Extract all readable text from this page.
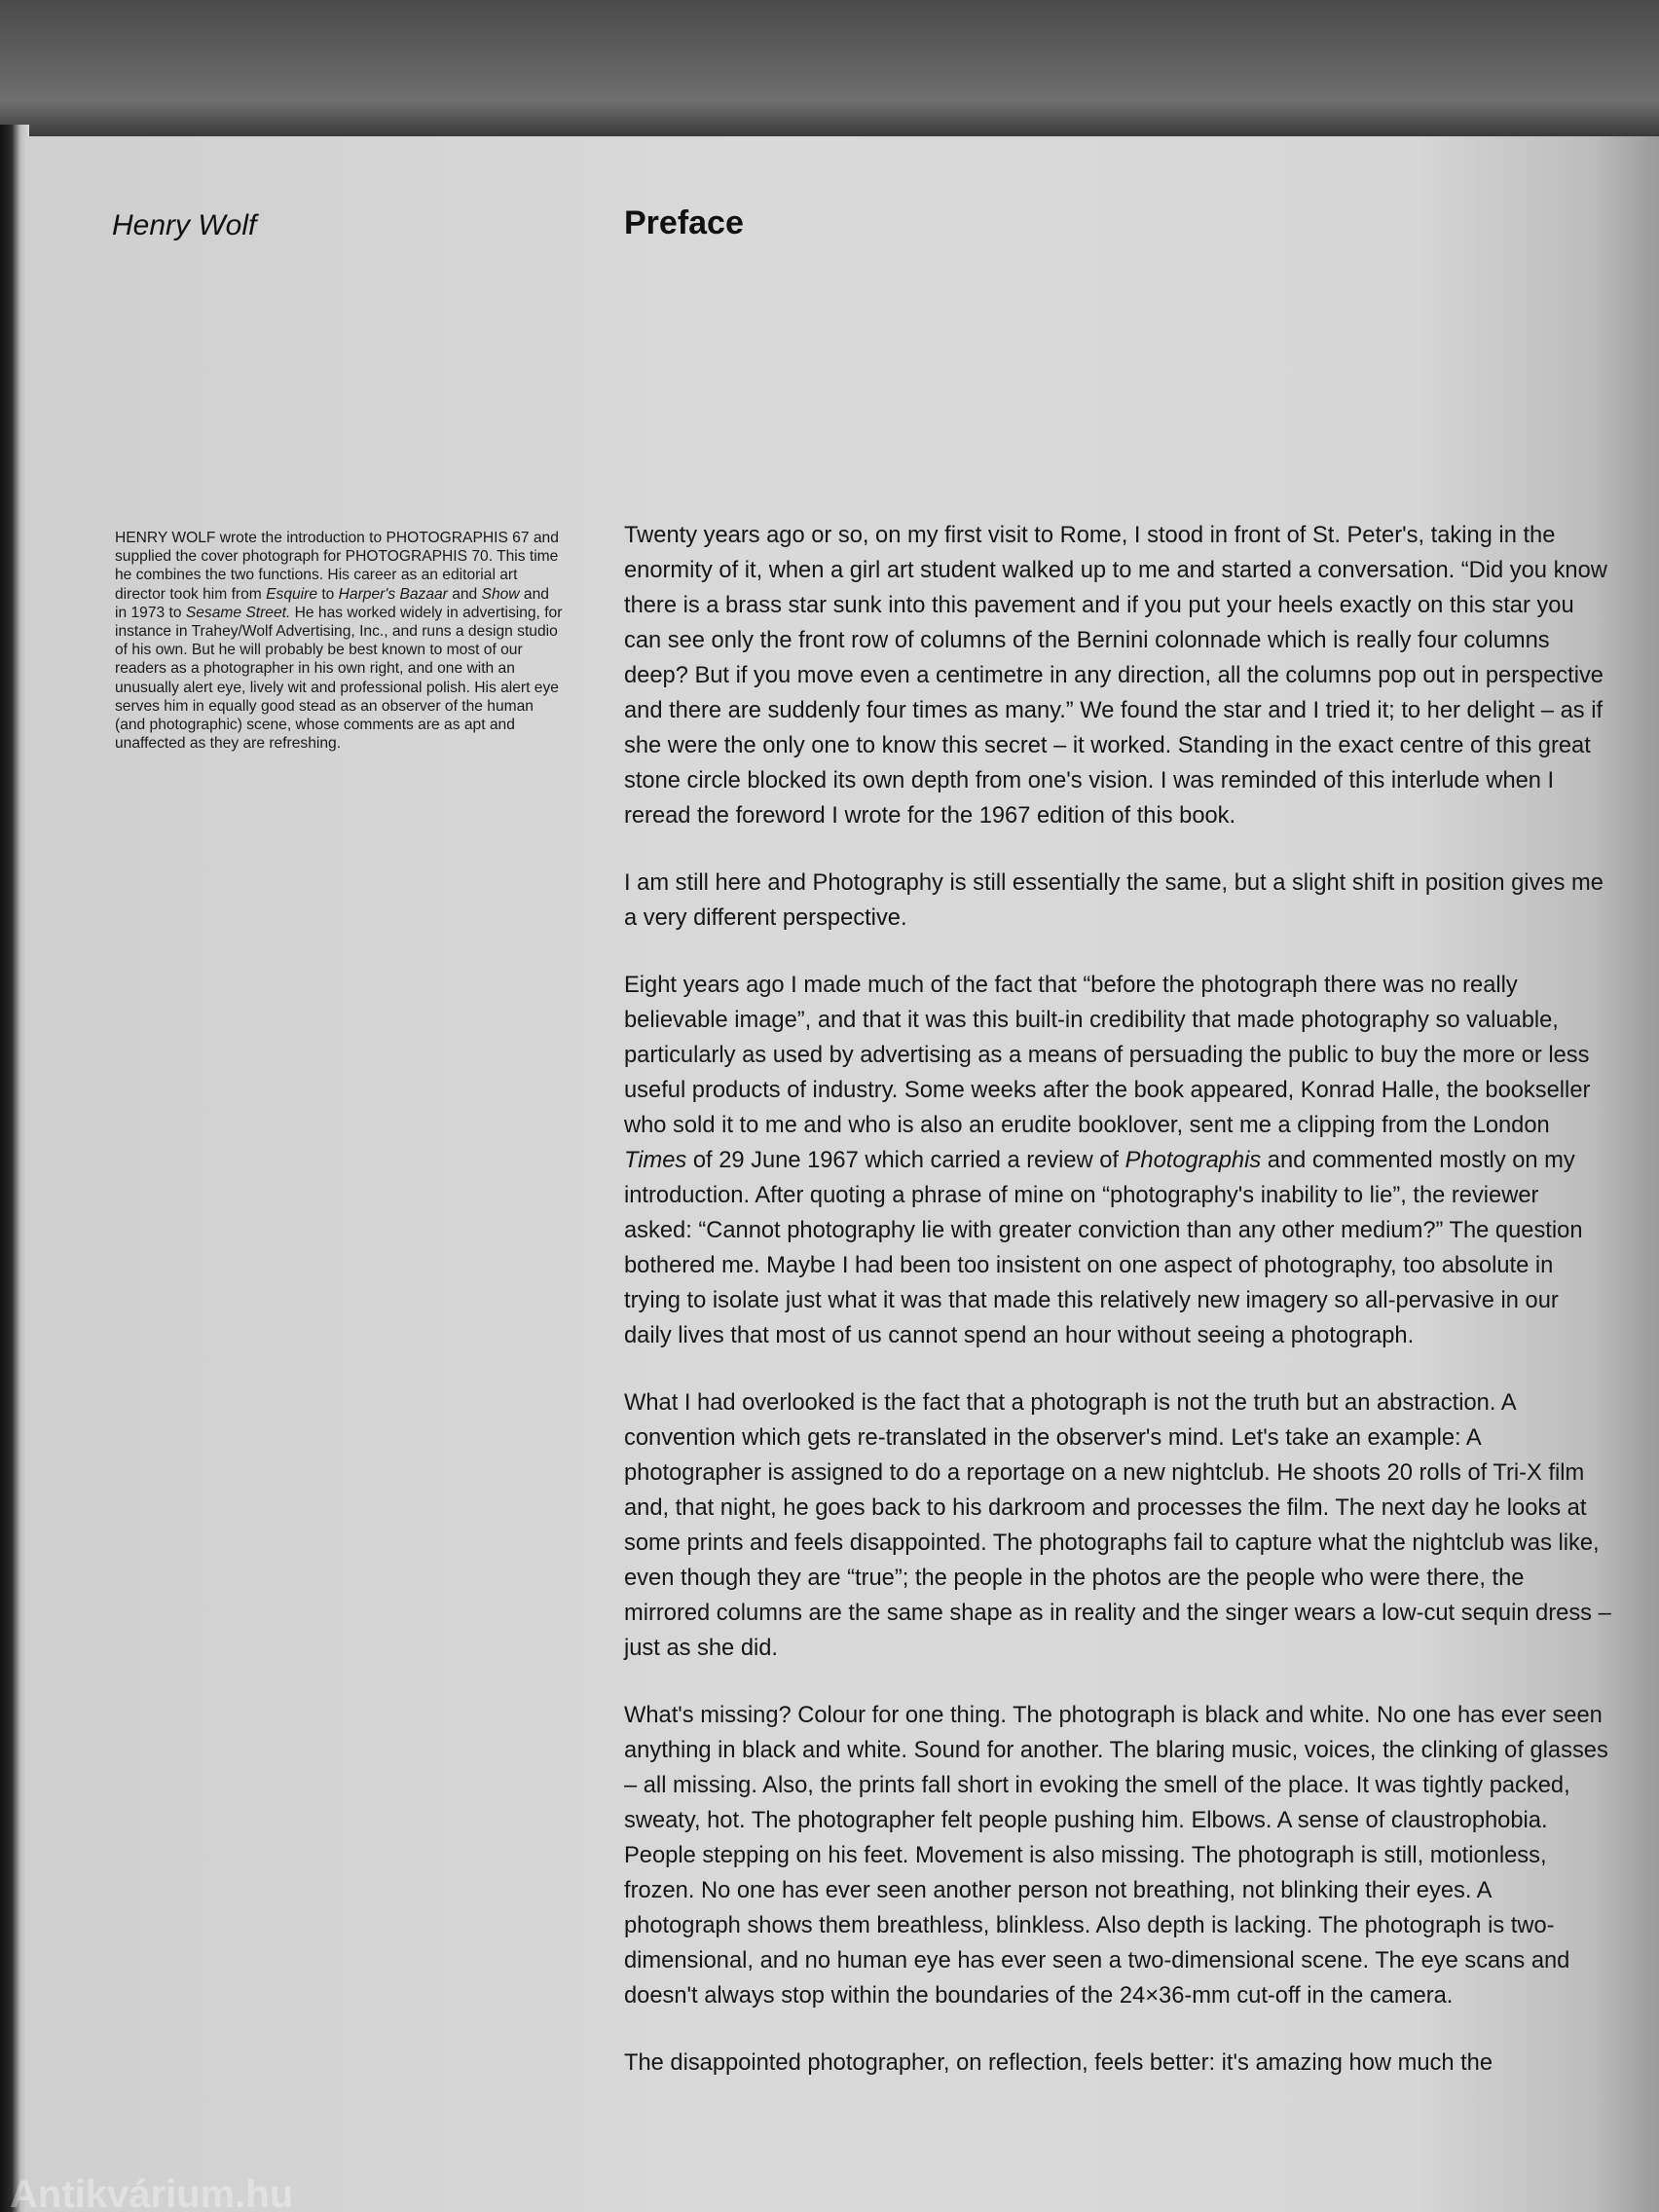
Henry Wolf	Preface
HENRY WOLF wrote the introduction to PHOTOGRAPHIS 67 and supplied the cover photograph for PHOTOGRAPHIS 70. This time he combines the two functions. His career as an editorial art director took him from Esquire to Harper's Bazaar and Show and in 1973 to Sesame Street. He has worked widely in advertising, for instance in Trahey/Wolf Advertising, Inc., and runs a design studio of his own. But he will probably be best known to most of our readers as a photographer in his own right, and one with an unusually alert eye, lively wit and professional polish. His alert eye serves him in equally good stead as an observer of the human (and photographic) scene, whose comments are as apt and unaffected as they are refreshing.

Twenty years ago or so, on my first visit to Rome, I stood in front of St. Peter's, taking in the enormity of it, when a girl art student walked up to me and started a conversation. “Did you know there is a brass star sunk into this pavement and if you put your heels exactly on this star you can see only the front row of columns of the Bernini colonnade which is really four columns deep? But if you move even a centimetre in any direction, all the columns pop out in perspective and there are suddenly four times as many.” We found the star and I tried it; to her delight – as if she were the only one to know this secret – it worked. Standing in the exact centre of this great stone circle blocked its own depth from one's vision. I was reminded of this interlude when I reread the foreword I wrote for the 1967 edition of this book.

I am still here and Photography is still essentially the same, but a slight shift in position gives me a very different perspective.

Eight years ago I made much of the fact that “before the photograph there was no really believable image”, and that it was this built-in credibility that made photography so valuable, particularly as used by advertising as a means of persuading the public to buy the more or less useful products of industry. Some weeks after the book appeared, Konrad Halle, the bookseller who sold it to me and who is also an erudite booklover, sent me a clipping from the London Times of 29 June 1967 which carried a review of Photographis and commented mostly on my introduction. After quoting a phrase of mine on “photography's inability to lie”, the reviewer asked: “Cannot photography lie with greater conviction than any other medium?” The question bothered me. Maybe I had been too insistent on one aspect of photography, too absolute in trying to isolate just what it was that made this relatively new imagery so all-pervasive in our daily lives that most of us cannot spend an hour without seeing a photograph.

What I had overlooked is the fact that a photograph is not the truth but an abstraction. A convention which gets re-translated in the observer's mind. Let's take an example: A photographer is assigned to do a reportage on a new nightclub. He shoots 20 rolls of Tri-X film and, that night, he goes back to his darkroom and processes the film. The next day he looks at some prints and feels disappointed. The photographs fail to capture what the nightclub was like, even though they are “true”; the people in the photos are the people who were there, the mirrored columns are the same shape as in reality and the singer wears a low-cut sequin dress – just as she did.

What's missing? Colour for one thing. The photograph is black and white. No one has ever seen anything in black and white. Sound for another. The blaring music, voices, the clinking of glasses – all missing. Also, the prints fall short in evoking the smell of the place. It was tightly packed, sweaty, hot. The photographer felt people pushing him. Elbows. A sense of claustrophobia. People stepping on his feet. Movement is also missing. The photograph is still, motionless, frozen. No one has ever seen another person not breathing, not blinking their eyes. A photograph shows them breathless, blinkless. Also depth is lacking. The photograph is two-dimensional, and no human eye has ever seen a two-dimensional scene. The eye scans and doesn't always stop within the boundaries of the 24×36-mm cut-off in the camera.

The disappointed photographer, on reflection, feels better: it's amazing how much the

Antikvárium.hu
